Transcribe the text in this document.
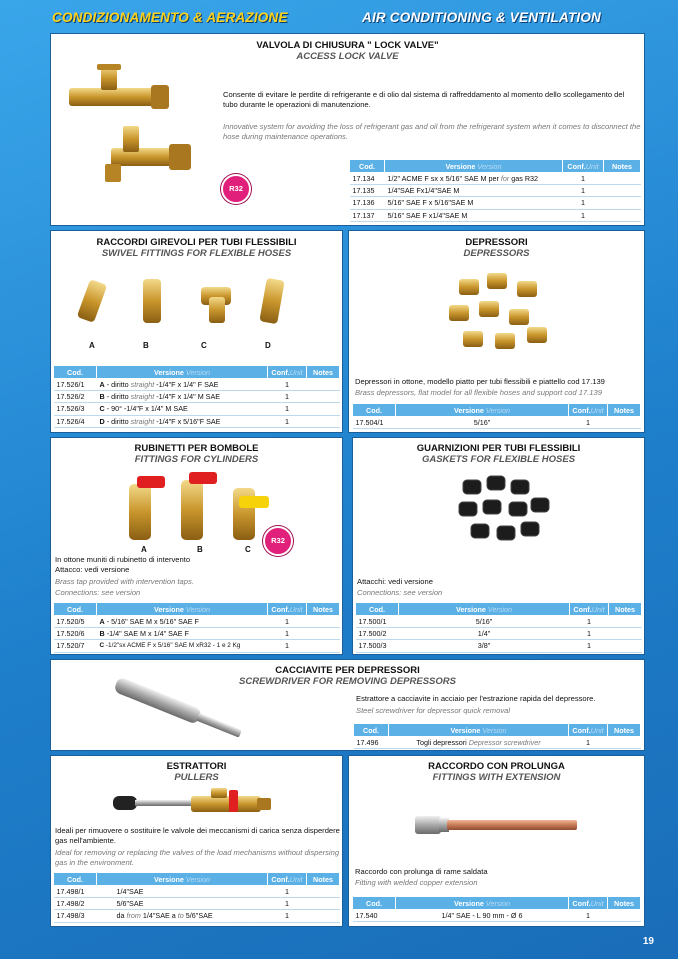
CONDIZIONAMENTO & AERAZIONE	AIR CONDITIONING & VENTILATION
VALVOLA DI CHIUSURA " LOCK VALVE"
ACCESS LOCK VALVE
R32
Consente di evitare le perdite di refrigerante e di olio dal sistema di raffreddamento al momento dello scollegamento del tubo durante le operazioni di manutenzione.
Innovative system for avoiding the loss of refrigerant gas and oil from the refrigerant system when it comes to disconnect the hose during maintenance operations.
Cod.	Versione Version	Conf.Unit	Notes
17.134	1/2" ACME F sx x 5/16" SAE M per for gas R32	1	
17.135	1/4"SAE Fx1/4"SAE M	1	
17.136	5/16" SAE F x 5/16"SAE M	1	
17.137	5/16" SAE F x1/4"SAE M	1	
RACCORDI GIREVOLI PER TUBI FLESSIBILI
SWIVEL FITTINGS FOR FLEXIBLE HOSES
A	B	C	D
Cod.	Versione Version	Conf.Unit	Notes
17.526/1	A - diritto straight -1/4"F x 1/4" F SAE	1	
17.526/2	B - diritto straight -1/4"F x 1/4" M SAE	1	
17.526/3	C - 90° -1/4"F x 1/4" M SAE	1	
17.526/4	D - diritto straight -1/4"F x 5/16"F SAE	1	
DEPRESSORI
DEPRESSORS
Depressori in ottone, modello piatto per tubi flessibili e piattello cod 17.139
Brass depressors, flat model for all flexible hoses and support cod 17.139
Cod.	Versione Version	Conf.Unit	Notes
17.504/1	5/16"	1	
RUBINETTI PER BOMBOLE
FITTINGS FOR CYLINDERS
A	B	C
R32
In ottone muniti di rubinetto di intervento
Attacco: vedi versione
Brass tap provided with intervention taps.
Connections: see version
Cod.	Versione Version	Conf.Unit	Notes
17.520/5	A - 5/16" SAE M x 5/16" SAE F	1	
17.520/6	B -1/4" SAE M x 1/4" SAE F	1	
17.520/7	C -1/2"sx ACME F x 5/16" SAE M xR32 - 1 e 2 Kg	1	
GUARNIZIONI PER TUBI FLESSIBILI
GASKETS FOR FLEXIBLE HOSES
Attacchi: vedi versione
Connections: see version
Cod.	Versione Version	Conf.Unit	Notes
17.500/1	5/16"	1	
17.500/2	1/4"	1	
17.500/3	3/8"	1	
CACCIAVITE PER DEPRESSORI
SCREWDRIVER FOR REMOVING DEPRESSORS
Estrattore a cacciavite in acciaio per l'estrazione rapida del depressore.
Steel screwdriver for depressor quick removal
Cod.	Versione Version	Conf.Unit	Notes
17.496	Togli depressori Depressor screwdriver	1	
ESTRATTORI
PULLERS
Ideali per rimuovere o sostituire le valvole dei meccanismi di carica senza disperdere gas nell'ambiente.
Ideal for removing or replacing the valves of the load mechanisms without dispersing gas in the environment.
Cod.	Versione Version	Conf.Unit	Notes
17.498/1	1/4"SAE	1	
17.498/2	5/6"SAE	1	
17.498/3	da from 1/4"SAE a to 5/6"SAE	1	
RACCORDO CON PROLUNGA
FITTINGS WITH EXTENSION
Raccordo con prolunga di rame saldata
Fitting with welded copper extension
Cod.	Versione Version	Conf.Unit	Notes
17.540	1/4" SAE - L 90 mm - Ø 6	1	
19
